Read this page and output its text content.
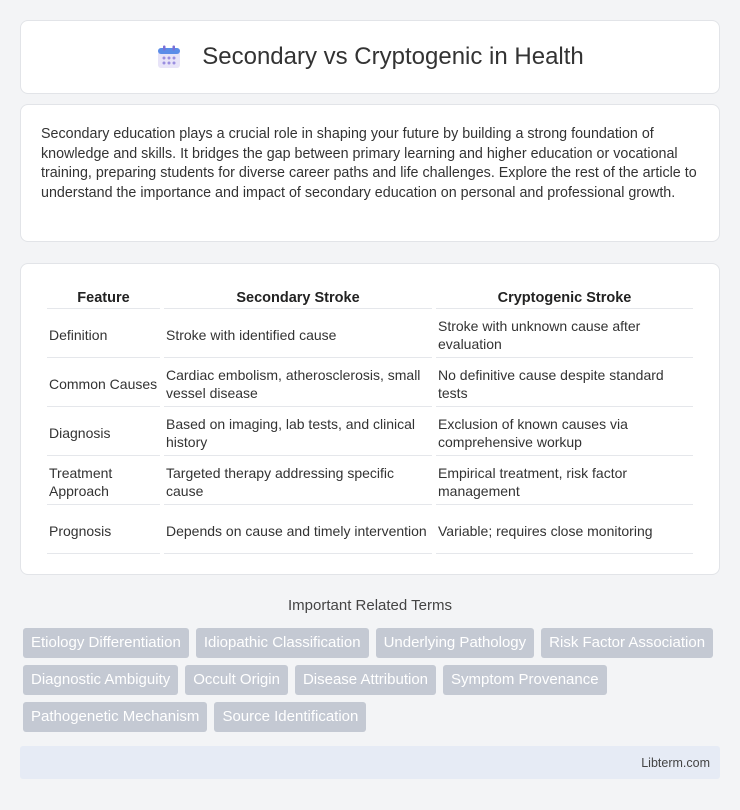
Secondary vs Cryptogenic in Health

Secondary education plays a crucial role in shaping your future by building a strong foundation of knowledge and skills. It bridges the gap between primary learning and higher education or vocational training, preparing students for diverse career paths and life challenges. Explore the rest of the article to understand the importance and impact of secondary education on personal and professional growth.

Feature	Secondary Stroke	Cryptogenic Stroke
Definition	Stroke with identified cause	Stroke with unknown cause after evaluation
Common Causes	Cardiac embolism, atherosclerosis, small vessel disease	No definitive cause despite standard tests
Diagnosis	Based on imaging, lab tests, and clinical history	Exclusion of known causes via comprehensive workup
Treatment Approach	Targeted therapy addressing specific cause	Empirical treatment, risk factor management
Prognosis	Depends on cause and timely intervention	Variable; requires close monitoring
Important Related Terms
Etiology Differentiation	Idiopathic Classification	Underlying Pathology	Risk Factor Association
Diagnostic Ambiguity	Occult Origin	Disease Attribution	Symptom Provenance
Pathogenetic Mechanism	Source Identification
Libterm.com
